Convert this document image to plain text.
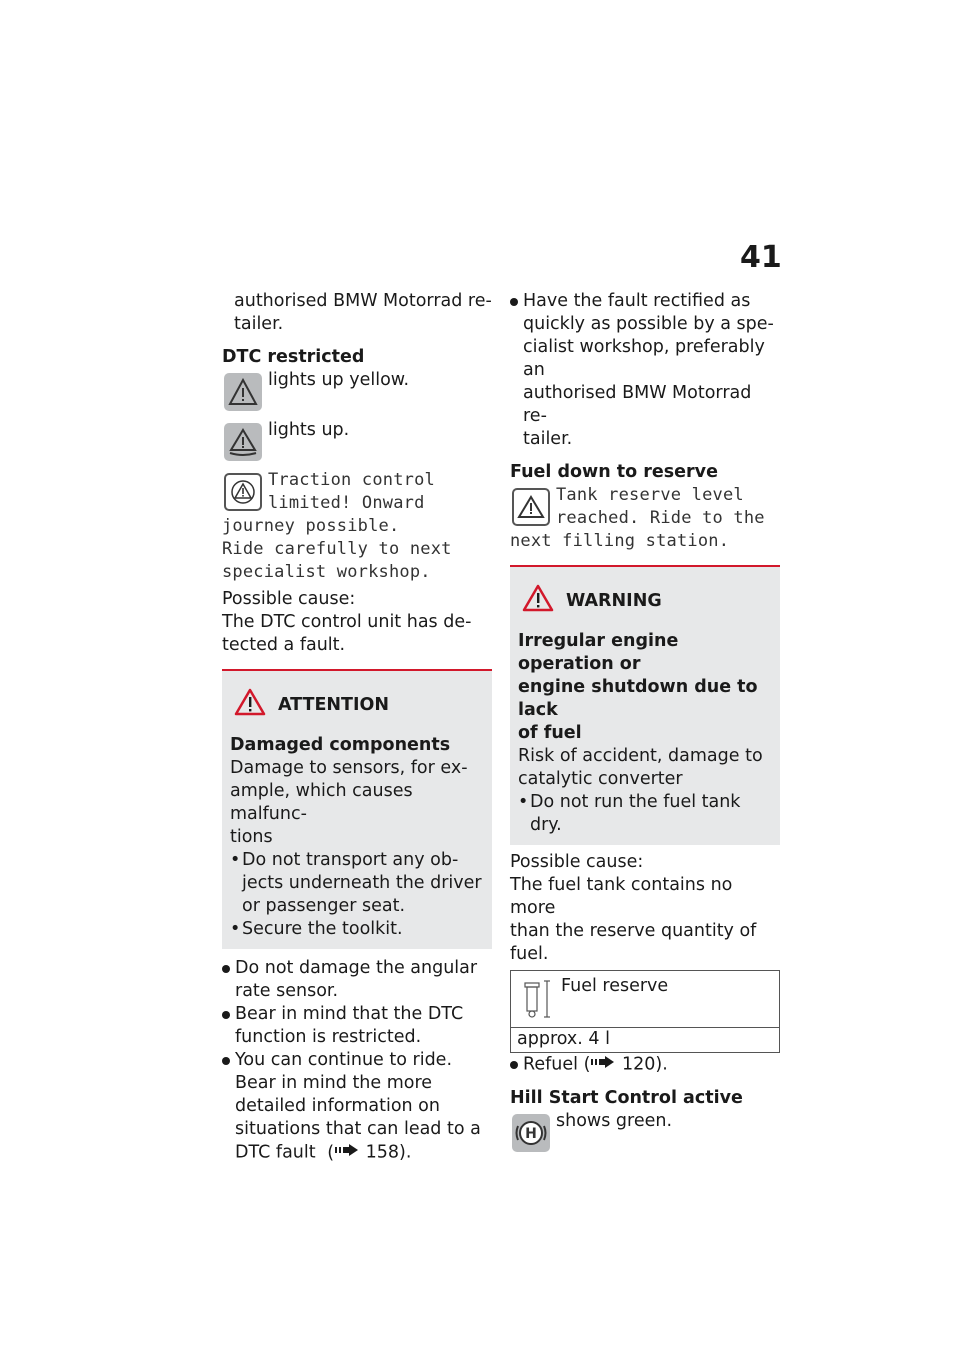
41

authorised BMW Motorrad re-

tailer.

DTC restricted

lights up yellow.

lights up.

Traction control

limited! Onward

journey possible.

Ride carefully to next

specialist workshop.

Possible cause:

The DTC control unit has de-

tected a fault.

ATTENTION

Damaged components

Damage to sensors, for ex-

ample, which causes malfunc-

tions

• Do not transport any ob-
jects underneath the driver
or passenger seat.
• Secure the toolkit.
Do not damage the angular
rate sensor.
Bear in mind that the DTC
function is restricted.
You can continue to ride.
Bear in mind the more
detailed information on
situations that can lead to a
DTC fault ( 158).
Have the fault rectified as
quickly as possible by a spe-
cialist workshop, preferably an
authorised BMW Motorrad re-
tailer.

Fuel down to reserve

Tank reserve level

reached. Ride to the

next filling station.

WARNING

Irregular engine operation or

engine shutdown due to lack

of fuel

Risk of accident, damage to

catalytic converter

• Do not run the fuel tank dry.

Possible cause:

The fuel tank contains no more

than the reserve quantity of

fuel.

Fuel reserve
approx. 4 l
Refuel ( 120).

Hill Start Control active

H

shows green.
